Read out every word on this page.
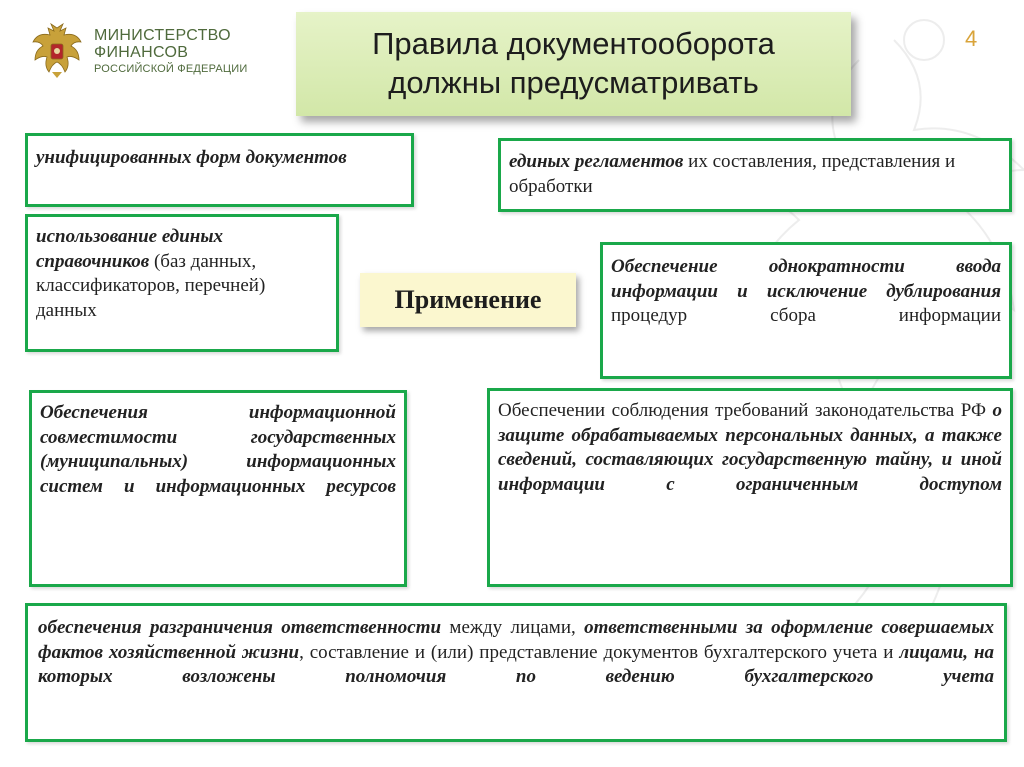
МИНИСТЕРСТВО
ФИНАНСОВ
РОССИЙСКОЙ ФЕДЕРАЦИИ
Правила документооборота
должны предусматривать
4
унифицированных форм документов	единых регламентов их составления, представления и обработки
использование единых справочников (баз данных, классификаторов, перечней) данных	Применение
Обеспечение однократности ввода информации и исключение дублирования процедур сбора информации
Обеспечения информационной совместимости государственных (муниципальных) информационных систем и информационных ресурсов
Обеспечении соблюдения требований законодательства РФ о защите обрабатываемых персональных данных, а также сведений, составляющих государственную тайну, и иной информации с ограниченным доступом
обеспечения разграничения ответственности между лицами, ответственными за оформление совершаемых фактов хозяйственной жизни, составление и (или) представление документов бухгалтерского учета и лицами, на которых возложены полномочия по ведению бухгалтерского учета
